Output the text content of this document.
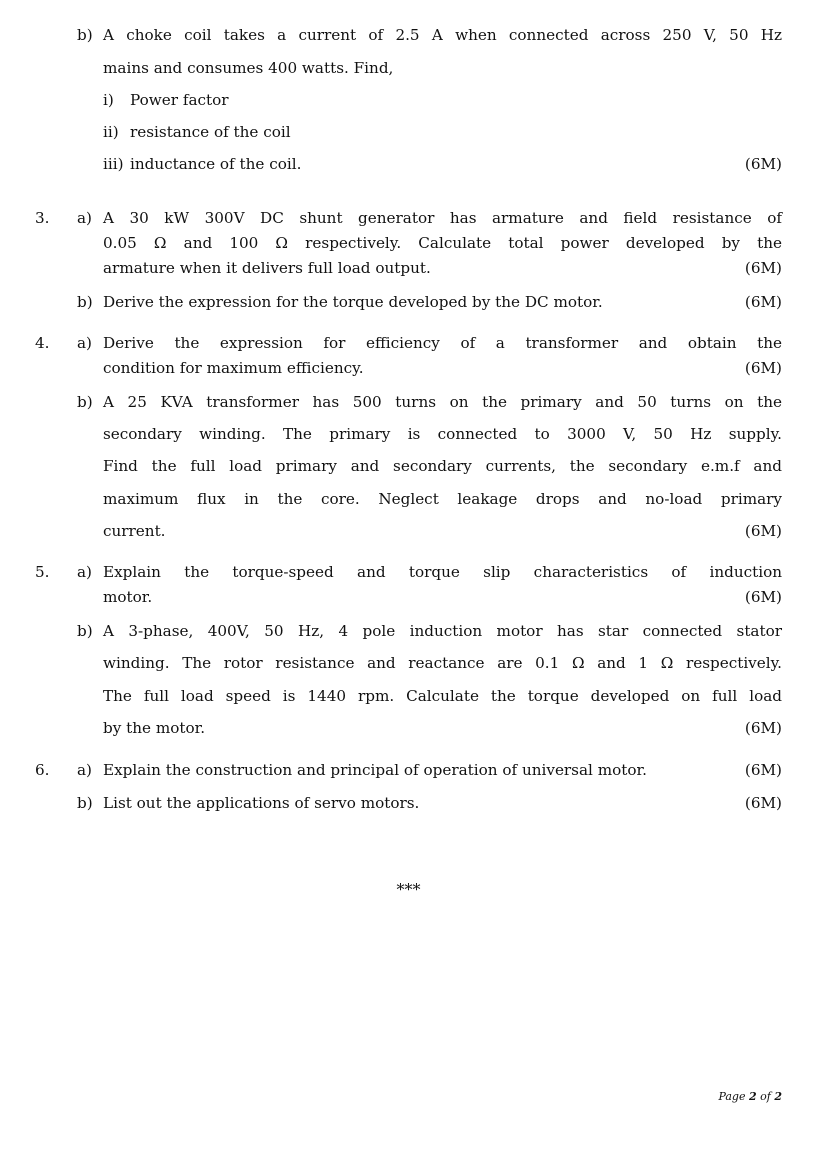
b) A choke coil takes a current of 2.5 A when connected across 250 V, 50 Hz
mains and consumes 400 watts. Find,
i) Power factor
ii) resistance of the coil
iii) inductance of the coil.	(6M)
3. a) A 30 kW 300V DC shunt generator has armature and field resistance of
0.05 Ω and 100 Ω respectively. Calculate total power developed by the
armature when it delivers full load output.	(6M)
b) Derive the expression for the torque developed by the DC motor.	(6M)
4. a) Derive the expression for efficiency of a transformer and obtain the
condition for maximum efficiency.	(6M)
b) A 25 KVA transformer has 500 turns on the primary and 50 turns on the
secondary winding. The primary is connected to 3000 V, 50 Hz supply.
Find the full load primary and secondary currents, the secondary e.m.f and
maximum flux in the core. Neglect leakage drops and no-load primary
current.	(6M)
5. a) Explain the torque-speed and torque slip characteristics of induction
motor.	(6M)
b) A 3-phase, 400V, 50 Hz, 4 pole induction motor has star connected stator
winding. The rotor resistance and reactance are 0.1 Ω and 1 Ω respectively.
The full load speed is 1440 rpm. Calculate the torque developed on full load
by the motor.	(6M)
6. a) Explain the construction and principal of operation of universal motor.	(6M)
b) List out the applications of servo motors.	(6M)
***
Page 2 of 2
